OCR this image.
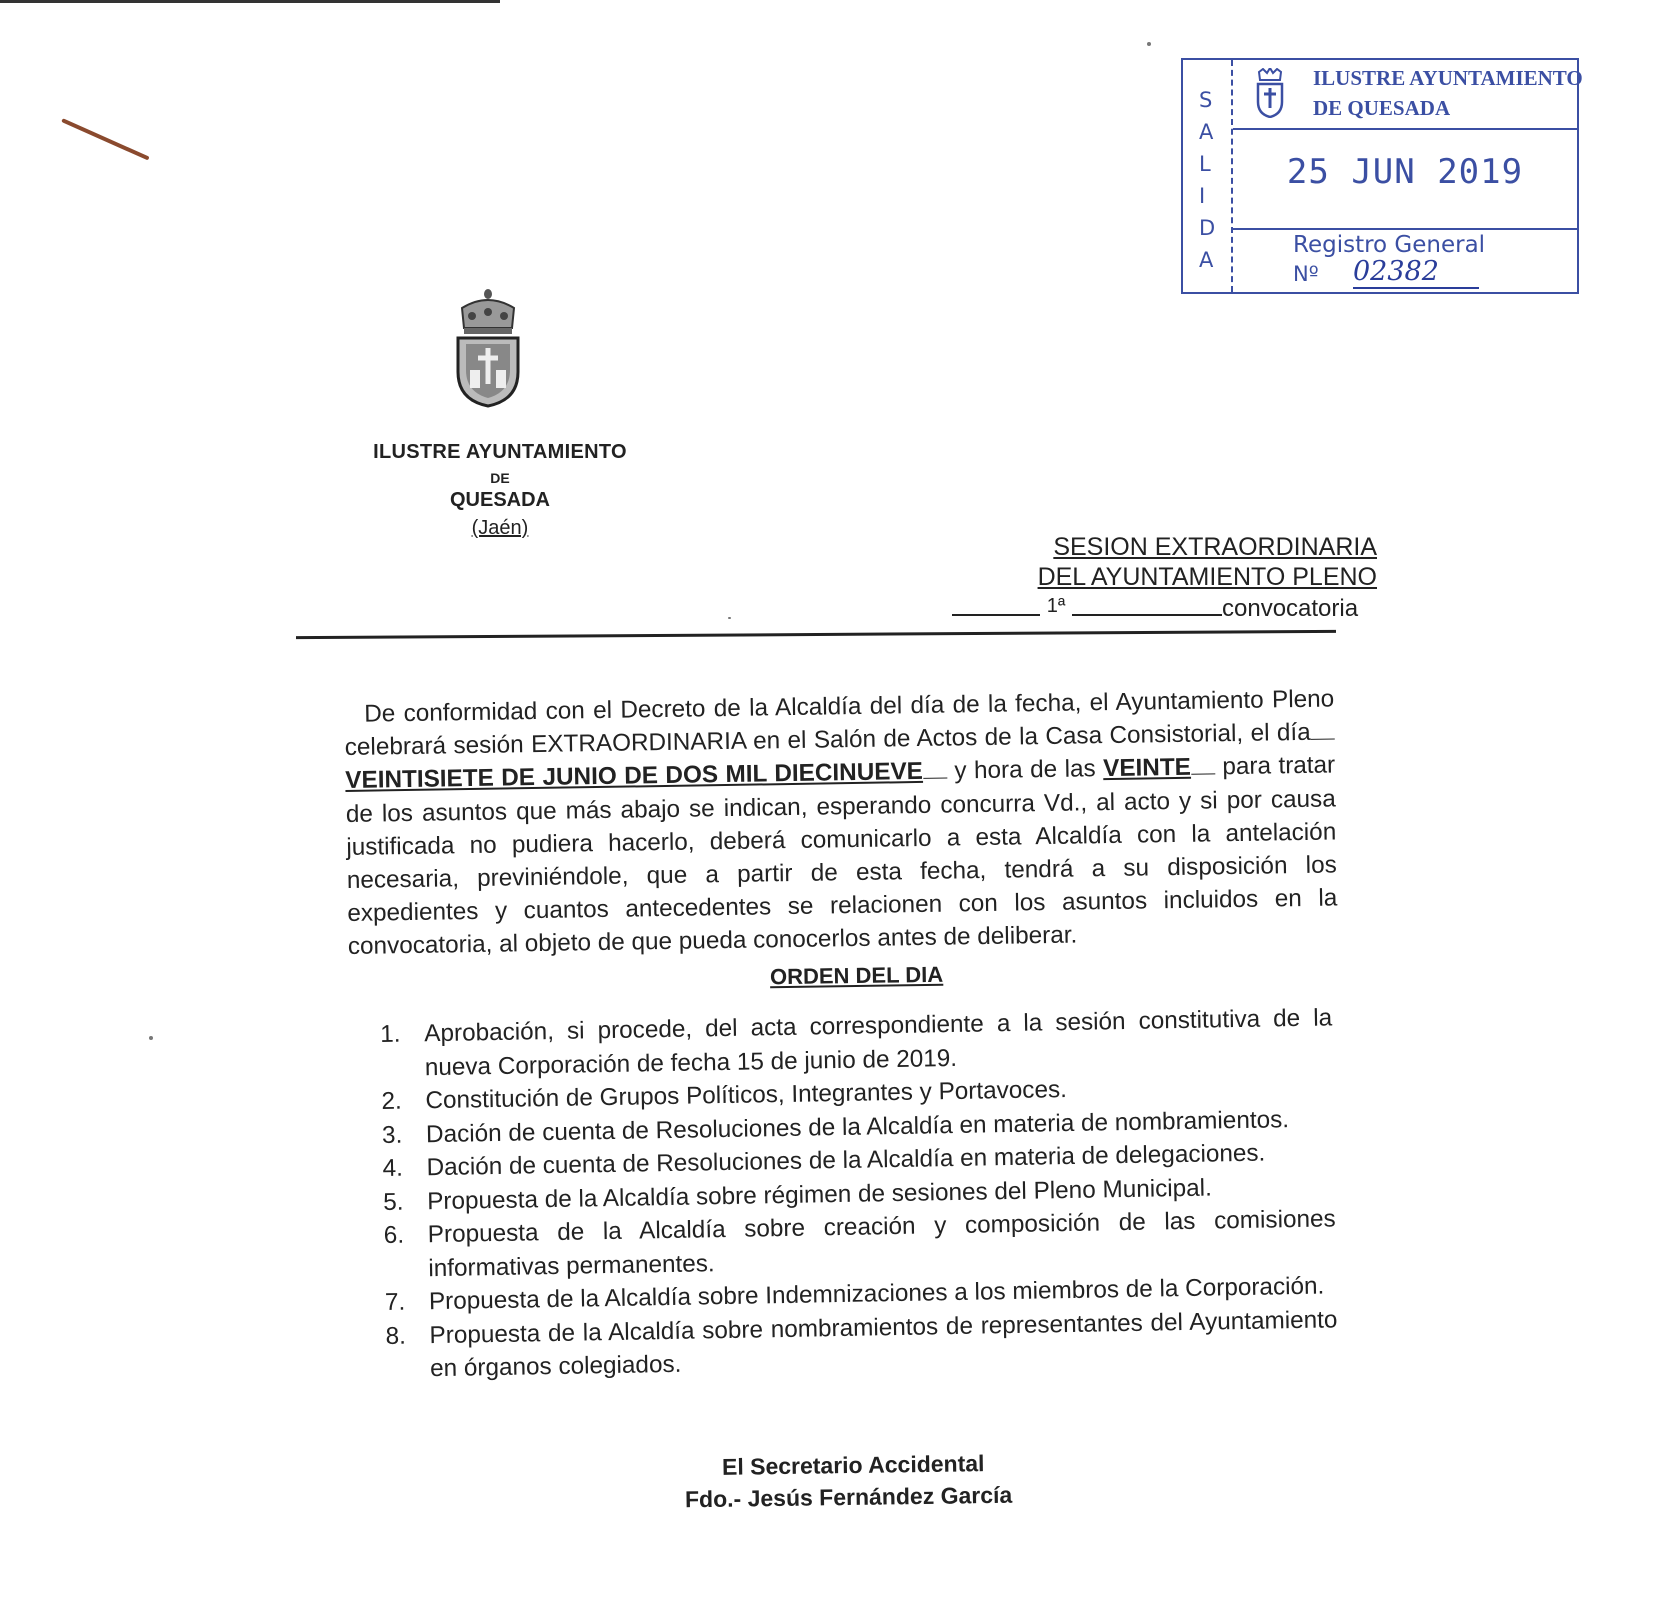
S
A
L
I
D
A
ILUSTRE AYUNTAMIENTO
DE QUESADA
25 JUN 2019
Registro General
Nº 02382
ILUSTRE AYUNTAMIENTO
DE
QUESADA
(Jaén)
SESION EXTRAORDINARIA
DEL AYUNTAMIENTO PLENO
1ª	convocatoria
De conformidad con el Decreto de la Alcaldía del día de la fecha, el Ayuntamiento Pleno celebrará sesión EXTRAORDINARIA en el Salón de Actos de la Casa Consistorial, el díaVEINTISIETE DE JUNIO DE DOS MIL DIECINUEVE y hora de las VEINTE para tratar de los asuntos que más abajo se indican, esperando concurra Vd., al acto y si por causa justificada no pudiera hacerlo, deberá comunicarlo a esta Alcaldía con la antelación necesaria, previniéndole, que a partir de esta fecha, tendrá a su disposición los expedientes y cuantos antecedentes se relacionen con los asuntos incluidos en la convocatoria, al objeto de que pueda conocerlos antes de deliberar.
ORDEN DEL DIA
1. Aprobación, si procede, del acta correspondiente a la sesión constitutiva de la nueva Corporación de fecha 15 de junio de 2019.
2. Constitución de Grupos Políticos, Integrantes y Portavoces.
3. Dación de cuenta de Resoluciones de la Alcaldía en materia de nombramientos.
4. Dación de cuenta de Resoluciones de la Alcaldía en materia de delegaciones.
5. Propuesta de la Alcaldía sobre régimen de sesiones del Pleno Municipal.
6. Propuesta de la Alcaldía sobre creación y composición de las comisiones informativas permanentes.
7. Propuesta de la Alcaldía sobre Indemnizaciones a los miembros de la Corporación.
8. Propuesta de la Alcaldía sobre nombramientos de representantes del Ayuntamiento en órganos colegiados.
El Secretario Accidental
Fdo.- Jesús Fernández García
